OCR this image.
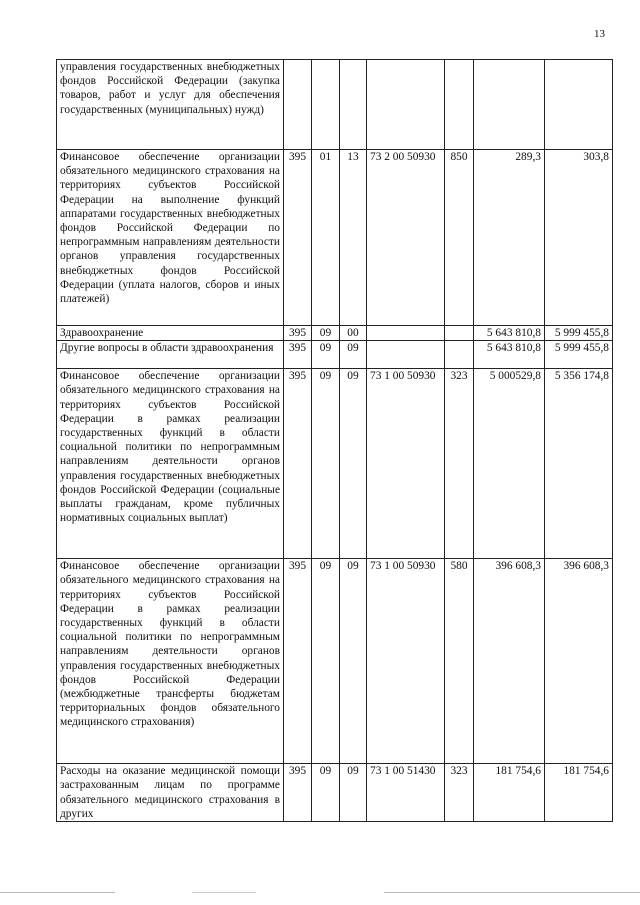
13
управления государственных внебюджетных фондов Российской Федерации (закупка товаров, работ и услуг для обеспечения государственных (муниципальных) нужд)							
Финансовое обеспечение организации обязательного медицинского страхования на территориях субъектов Российской Федерации на выполнение функций аппаратами государственных внебюджетных фондов Российской Федерации по непрограммным направлениям деятельности органов управления государственных внебюджетных фондов Российской Федерации (уплата налогов, сборов и иных платежей)	395	01	13	73 2 00 50930	850	289,3	303,8
Здравоохранение	395	09	00			5 643 810,8	5 999 455,8
Другие вопросы в области здравоохранения	395	09	09			5 643 810,8	5 999 455,8
Финансовое обеспечение организации обязательного медицинского страхования на территориях субъектов Российской Федерации в рамках реализации государственных функций в области социальной политики по непрограммным направлениям деятельности органов управления государственных внебюджетных фондов Российской Федерации (социальные выплаты гражданам, кроме публичных нормативных социальных выплат)	395	09	09	73 1 00 50930	323	5 000529,8	5 356 174,8
Финансовое обеспечение организации обязательного медицинского страхования на территориях субъектов Российской Федерации в рамках реализации государственных функций в области социальной политики по непрограммным направлениям деятельности органов управления государственных внебюджетных фондов Российской Федерации (межбюджетные трансферты бюджетам территориальных фондов обязательного медицинского страхования)	395	09	09	73 1 00 50930	580	396 608,3	396 608,3
Расходы на оказание медицинской помощи застрахованным лицам по программе обязательного медицинского страхования в других	395	09	09	73 1 00 51430	323	181 754,6	181 754,6
